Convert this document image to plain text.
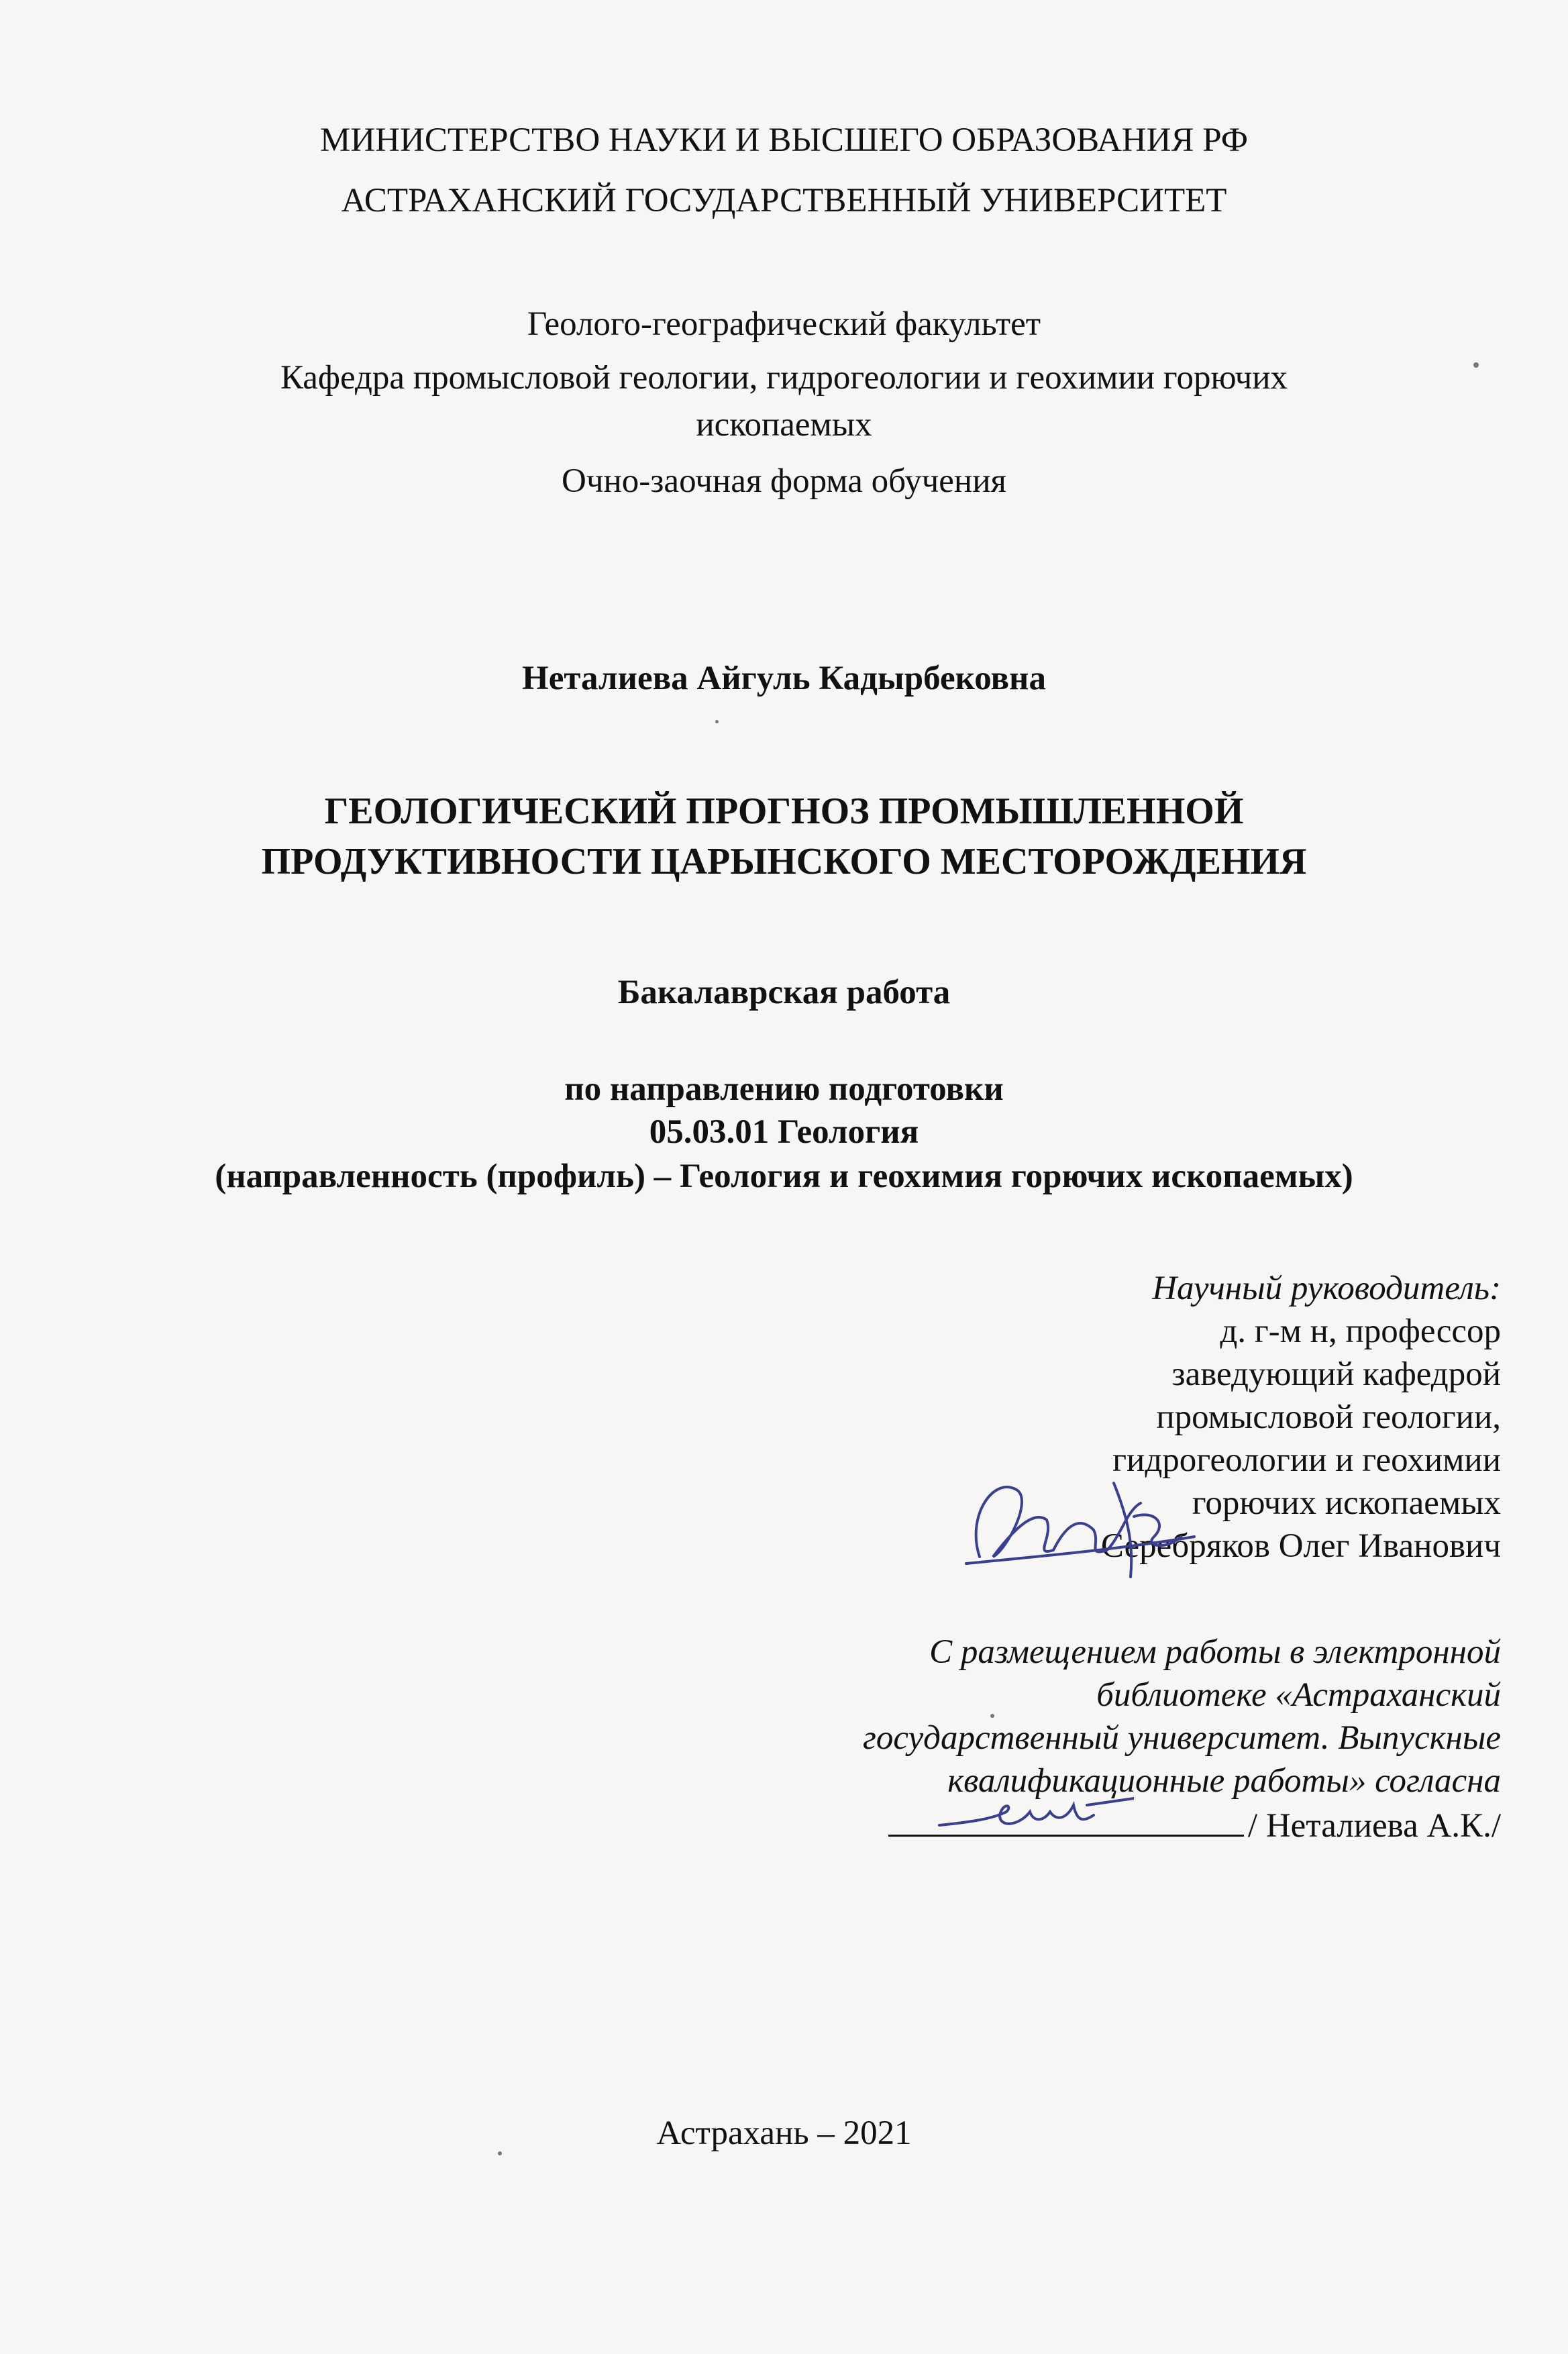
МИНИСТЕРСТВО НАУКИ И ВЫСШЕГО ОБРАЗОВАНИЯ РФ
АСТРАХАНСКИЙ ГОСУДАРСТВЕННЫЙ УНИВЕРСИТЕТ
Геолого-географический факультет
Кафедра промысловой геологии, гидрогеологии и геохимии горючих
ископаемых
Очно-заочная форма обучения
Неталиева Айгуль Кадырбековна
ГЕОЛОГИЧЕСКИЙ ПРОГНОЗ ПРОМЫШЛЕННОЙ
ПРОДУКТИВНОСТИ ЦАРЫНСКОГО МЕСТОРОЖДЕНИЯ
Бакалаврская работа
по направлению подготовки
05.03.01 Геология
(направленность (профиль) – Геология и геохимия горючих ископаемых)
Научный руководитель:
д. г-м н, профессор
заведующий кафедрой
промысловой геологии,
гидрогеологии и геохимии
горючих ископаемых
Серебряков Олег Иванович
С размещением работы в электронной
библиотеке «Астраханский
государственный университет. Выпускные
квалификационные работы» согласна
/ Неталиева А.К./
Астрахань – 2021
